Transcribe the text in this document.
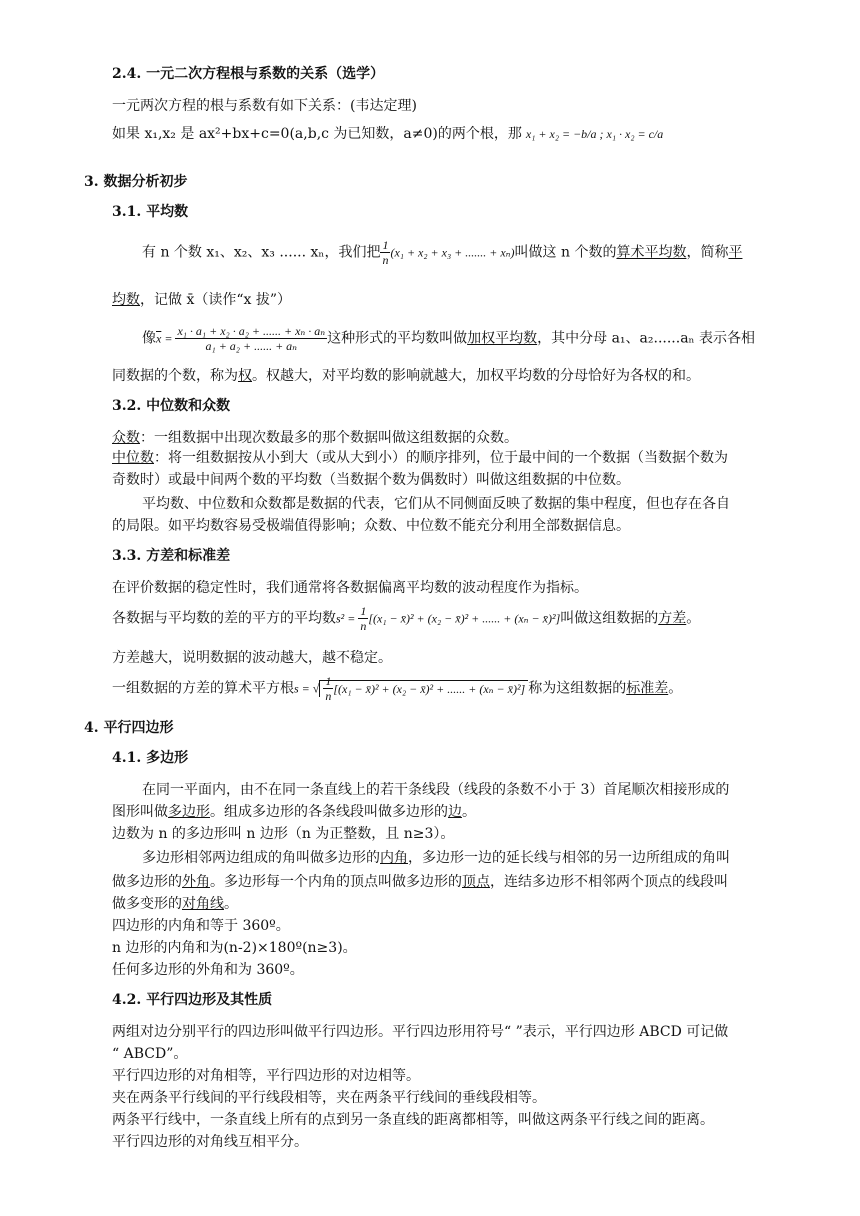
2.4. 一元二次方程根与系数的关系（选学）
一元两次方程的根与系数有如下关系：(韦达定理)
如果 x₁,x₂ 是 ax²+bx+c=0(a,b,c 为已知数，a≠0)的两个根，那 x₁ + x₂ = −b/a ; x₁ · x₂ = c/a
3. 数据分析初步
3.1. 平均数
有 n 个数 x₁、x₂、x₃ ...... xₙ，我们把 $\frac{1}{n} (x_1 + x_2 + x_3$ + ....... + xₙ)叫做这 n 个数的算术平均数，简称平
均数，记做 x̄（读作“x 拔”）
像$\overline{x} = \frac{\text{x₁ · a₁ + x₂ · a₂ + ...... + xₙ · aₙ}}{\text{a₁ + a₂ + ...... + aₙ}}$ 这种形式的平均数叫做加权平均数，其中分母 a₁、a₂......aₙ 表示各相
同数据的个数，称为权。权越大，对平均数的影响就越大，加权平均数的分母恰好为各权的和。
3.2. 中位数和众数
众数：一组数据中出现次数最多的那个数据叫做这组数据的众数。
中位数：将一组数据按从小到大（或从大到小）的顺序排列，位于最中间的一个数据（当数据个数为
奇数时）或最中间两个数的平均数（当数据个数为偶数时）叫做这组数据的中位数。
平均数、中位数和众数都是数据的代表，它们从不同侧面反映了数据的集中程度，但也存在各自
的局限。如平均数容易受极端值得影响；众数、中位数不能充分利用全部数据信息。
3.3. 方差和标准差
在评价数据的稳定性时，我们通常将各数据偏离平均数的波动程度作为指标。
各数据与平均数的差的平方的平均数$s^2 = \frac{1}{n} [(x_1$ − x̄)² + (x₂ − x̄)² + ...... + (xₙ − x̄)²]叫做这组数据的方差。
方差越大，说明数据的波动越大，越不稳定。
一组数据的方差的算术平方根s = √ $\frac{1}{n} [(x_1$ − x̄)² + (x₂ − x̄)² + ...... + (xₙ − x̄)²] 称为这组数据的标准差。
4. 平行四边形
4.1. 多边形
在同一平面内，由不在同一条直线上的若干条线段（线段的条数不小于 3）首尾顺次相接形成的
图形叫做多边形。组成多边形的各条线段叫做多边形的边。
边数为 n 的多边形叫 n 边形（n 为正整数，且 n≥3）。
多边形相邻两边组成的角叫做多边形的内角，多边形一边的延长线与相邻的另一边所组成的角叫
做多边形的外角。多边形每一个内角的顶点叫做多边形的顶点，连结多边形不相邻两个顶点的线段叫
做多变形的对角线。
四边形的内角和等于 360º。
n 边形的内角和为(n-2)×180º(n≥3)。
任何多边形的外角和为 360º。
4.2. 平行四边形及其性质
两组对边分别平行的四边形叫做平行四边形。平行四边形用符号“ ”表示，平行四边形 ABCD 可记做
“ ABCD”。
平行四边形的对角相等，平行四边形的对边相等。
夹在两条平行线间的平行线段相等，夹在两条平行线间的垂线段相等。
两条平行线中，一条直线上所有的点到另一条直线的距离都相等，叫做这两条平行线之间的距离。
平行四边形的对角线互相平分。
